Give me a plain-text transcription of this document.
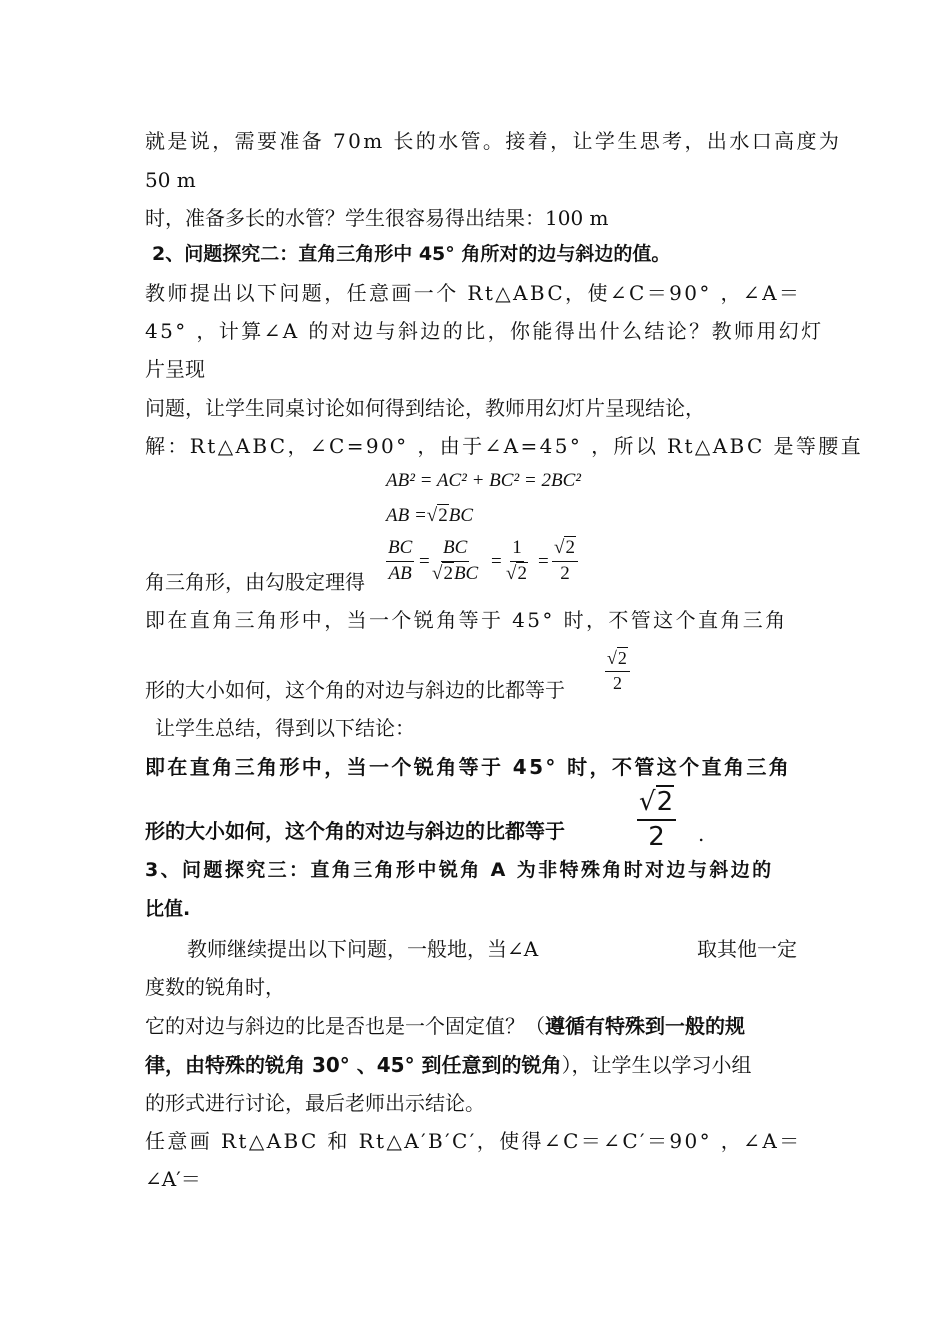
就是说，需要准备 70m 长的水管。接着，让学生思考，出水口高度为
50 m
时，准备多长的水管？学生很容易得出结果：100 m
2、问题探究二：直角三角形中 45° 角所对的边与斜边的值。
教师提出以下问题，任意画一个 Rt△ABC，使∠C＝90° ，∠A＝
45° ，计算∠A 的对边与斜边的比，你能得出什么结论？教师用幻灯
片呈现
问题，让学生同桌讨论如何得到结论，教师用幻灯片呈现结论，
解：Rt△ABC，∠C=90° ，由于∠A=45° ，所以 Rt△ABC 是等腰直
AB² = AC² + BC² = 2BC²
AB =√2BC
$\frac{BC}{AB} = \frac{BC}{√2BC} = \frac{1}{√2} = \frac{√2}{2}$
角三角形，由勾股定理得
即在直角三角形中，当一个锐角等于 45° 时，不管这个直角三角
形的大小如何，这个角的对边与斜边的比都等于 $\frac{√2}{2}$
让学生总结，得到以下结论：
即在直角三角形中，当一个锐角等于 45° 时，不管这个直角三角
形的大小如何，这个角的对边与斜边的比都等于	$\frac{√2}{2}$ .
3、问题探究三：直角三角形中锐角 A 为非特殊角时对边与斜边的
比值.
教师继续提出以下问题，一般地，当∠A	取其他一定
度数的锐角时，
它的对边与斜边的比是否也是一个固定值？（遵循有特殊到一般的规
律，由特殊的锐角 30° 、45° 到任意到的锐角），让学生以学习小组
的形式进行讨论，最后老师出示结论。
任意画 Rt△ABC 和 Rt△A′B′C′，使得∠C＝∠C′＝90° ，∠A＝
∠A′＝
